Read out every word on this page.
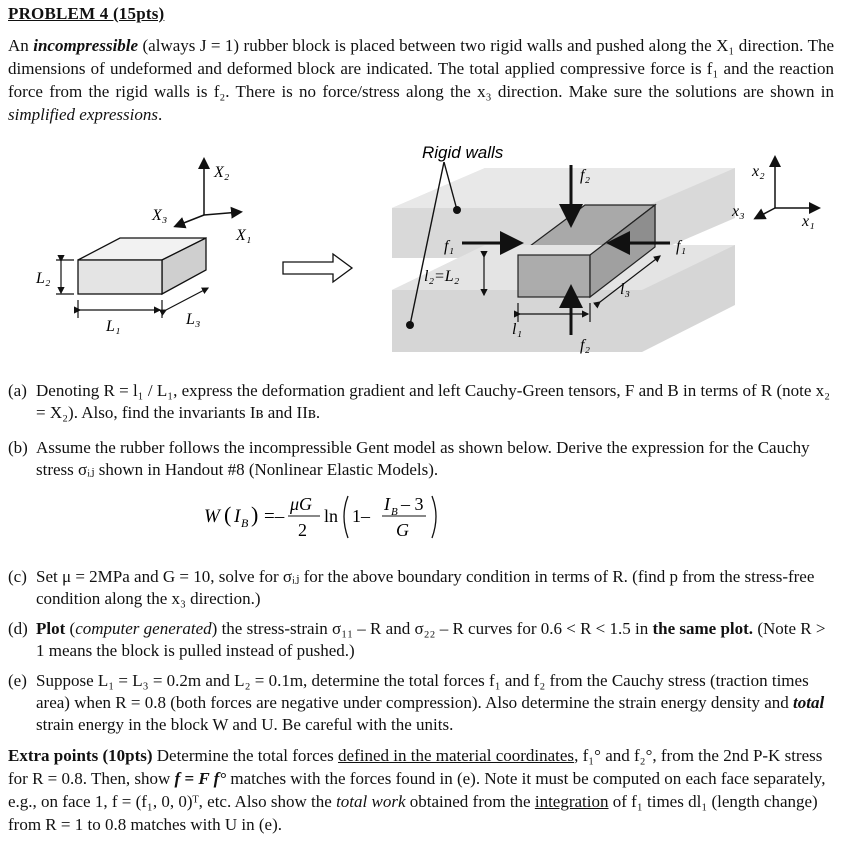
PROBLEM 4 (15pts)
An incompressible (always J = 1) rubber block is placed between two rigid walls and pushed along the X₁ direction. The dimensions of undeformed and deformed block are indicated. The total applied compressive force is f₁ and the reaction force from the rigid walls is f₂. There is no force/stress along the x₃ direction. Make sure the solutions are shown in simplified expressions.
X₂
X₁
X₃
L₂
L₁	L₃
Rigid walls
f₁	f₁
f₂
f₂
l₂=L₂
l₁
l₃
x₂
x₁
x₃
(a) Denoting R = l₁ / L₁, express the deformation gradient and left Cauchy-Green tensors, F and B in terms of R (note x₂ = X₂). Also, find the invariants Iʙ and IIʙ.
(b) Assume the rubber follows the incompressible Gent model as shown below. Derive the expression for the Cauchy stress σᵢⱼ shown in Handout #8 (Nonlinear Elastic Models).
W ( I B ) =–
μG
2
ln 1–
I B – 3
G
(c) Set μ = 2MPa and G = 10, solve for σᵢⱼ for the above boundary condition in terms of R. (find p from the stress-free condition along the x₃ direction.)
(d) Plot (computer generated) the stress-strain σ₁₁ – R and σ₂₂ – R curves for 0.6 < R < 1.5 in the same plot. (Note R > 1 means the block is pulled instead of pushed.)
(e) Suppose L₁ = L₃ = 0.2m and L₂ = 0.1m, determine the total forces f₁ and f₂ from the Cauchy stress (traction times area) when R = 0.8 (both forces are negative under compression). Also determine the strain energy density and total strain energy in the block W and U. Be careful with the units.
Extra points (10pts) Determine the total forces defined in the material coordinates, f₁° and f₂°, from the 2nd P-K stress for R = 0.8. Then, show f = F f° matches with the forces found in (e). Note it must be computed on each face separately, e.g., on face 1, f = (f₁, 0, 0)ᵀ, etc. Also show the total work obtained from the integration of f₁ times dl₁ (length change) from R = 1 to 0.8 matches with U in (e).
